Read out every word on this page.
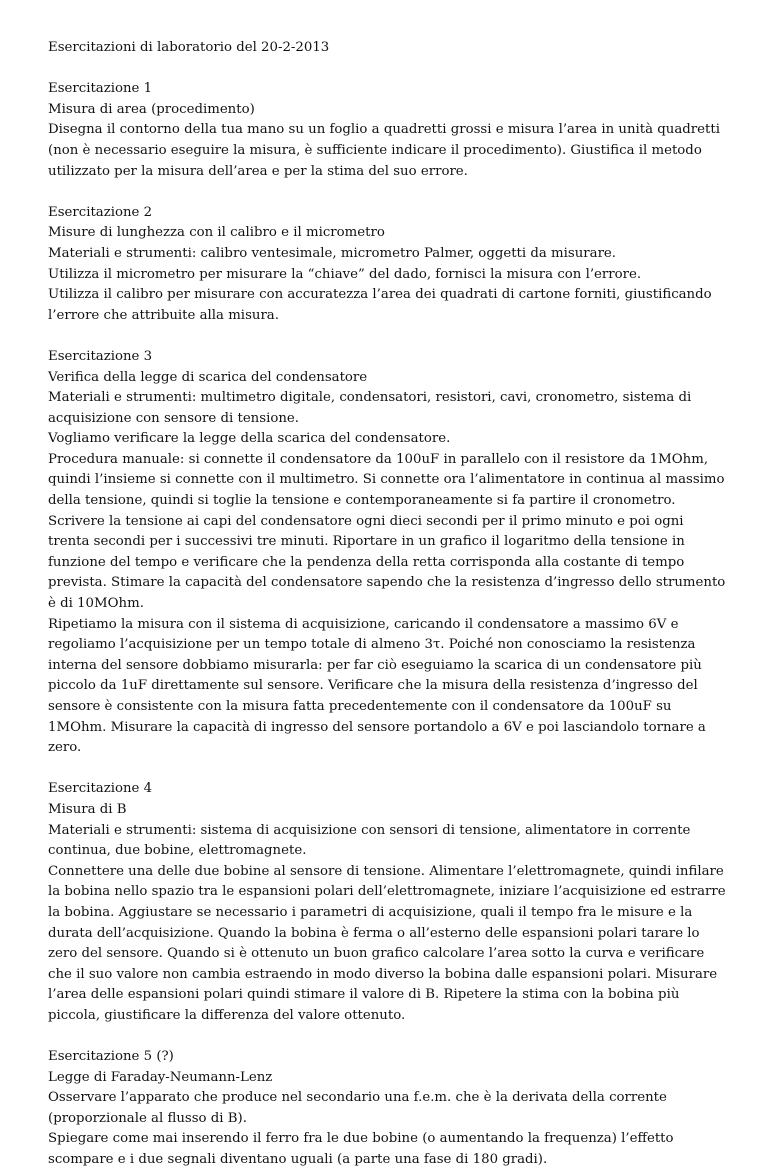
Esercitazioni di laboratorio del 20-2-2013
Esercitazione 1
Misura di area (procedimento)
Disegna il contorno della tua mano su un foglio a quadretti grossi e misura l’area in unità quadretti (non è necessario eseguire la misura, è sufficiente indicare il procedimento). Giustifica il metodo utilizzato per la misura dell’area e per la stima del suo errore.
Esercitazione 2
Misure di lunghezza con il calibro e il micrometro
Materiali e strumenti: calibro ventesimale, micrometro Palmer, oggetti da misurare.
Utilizza il micrometro per misurare la “chiave” del dado, fornisci la misura con l’errore.
Utilizza il calibro per misurare con accuratezza l’area dei quadrati di cartone forniti, giustificando l’errore che attribuite alla misura.
Esercitazione 3
Verifica della legge di scarica del condensatore
Materiali e strumenti: multimetro digitale, condensatori, resistori, cavi, cronometro, sistema di acquisizione con sensore di tensione.
Vogliamo verificare la legge della scarica del condensatore.
Procedura manuale: si connette il condensatore da 100uF in parallelo con il resistore da 1MOhm, quindi l’insieme si connette con il multimetro. Si connette ora l’alimentatore in continua al massimo della tensione, quindi si toglie la tensione e contemporaneamente si fa partire il cronometro. Scrivere la tensione ai capi del condensatore ogni dieci secondi per il primo minuto e poi ogni trenta secondi per i successivi tre minuti. Riportare in un grafico il logaritmo della tensione in funzione del tempo e verificare che la pendenza della retta corrisponda alla costante di tempo prevista. Stimare la capacità del condensatore sapendo che la resistenza d’ingresso dello strumento è di 10MOhm.
Ripetiamo la misura con il sistema di acquisizione, caricando il condensatore a massimo 6V e regoliamo l’acquisizione per un tempo totale di almeno 3τ. Poiché non conosciamo la resistenza interna del sensore dobbiamo misurarla: per far ciò eseguiamo la scarica di un condensatore più piccolo da 1uF direttamente sul sensore. Verificare che la misura della resistenza d’ingresso del sensore è consistente con la misura fatta precedentemente con il condensatore da 100uF su 1MOhm. Misurare la capacità di ingresso del sensore portandolo a 6V e poi lasciandolo tornare a zero.
Esercitazione 4
Misura di B
Materiali e strumenti: sistema di acquisizione con sensori di tensione, alimentatore in corrente continua, due bobine, elettromagnete.
Connettere una delle due bobine al sensore di tensione. Alimentare l’elettromagnete, quindi infilare la bobina nello spazio tra le espansioni polari dell’elettromagnete, iniziare l’acquisizione ed estrarre la bobina. Aggiustare se necessario i parametri di acquisizione, quali il tempo fra le misure e la durata dell’acquisizione. Quando la bobina è ferma o all’esterno delle espansioni polari tarare lo zero del sensore. Quando si è ottenuto un buon grafico calcolare l’area sotto la curva e verificare che il suo valore non cambia estraendo in modo diverso la bobina dalle espansioni polari. Misurare l’area delle espansioni polari quindi stimare il valore di B. Ripetere la stima con la bobina più piccola, giustificare la differenza del valore ottenuto.
Esercitazione 5 (?)
Legge di Faraday-Neumann-Lenz
Osservare l’apparato che produce nel secondario una f.e.m. che è la derivata della corrente (proporzionale al flusso di B).
Spiegare come mai inserendo il ferro fra le due bobine (o aumentando la frequenza) l’effetto scompare e i due segnali diventano uguali (a parte una fase di 180 gradi).
